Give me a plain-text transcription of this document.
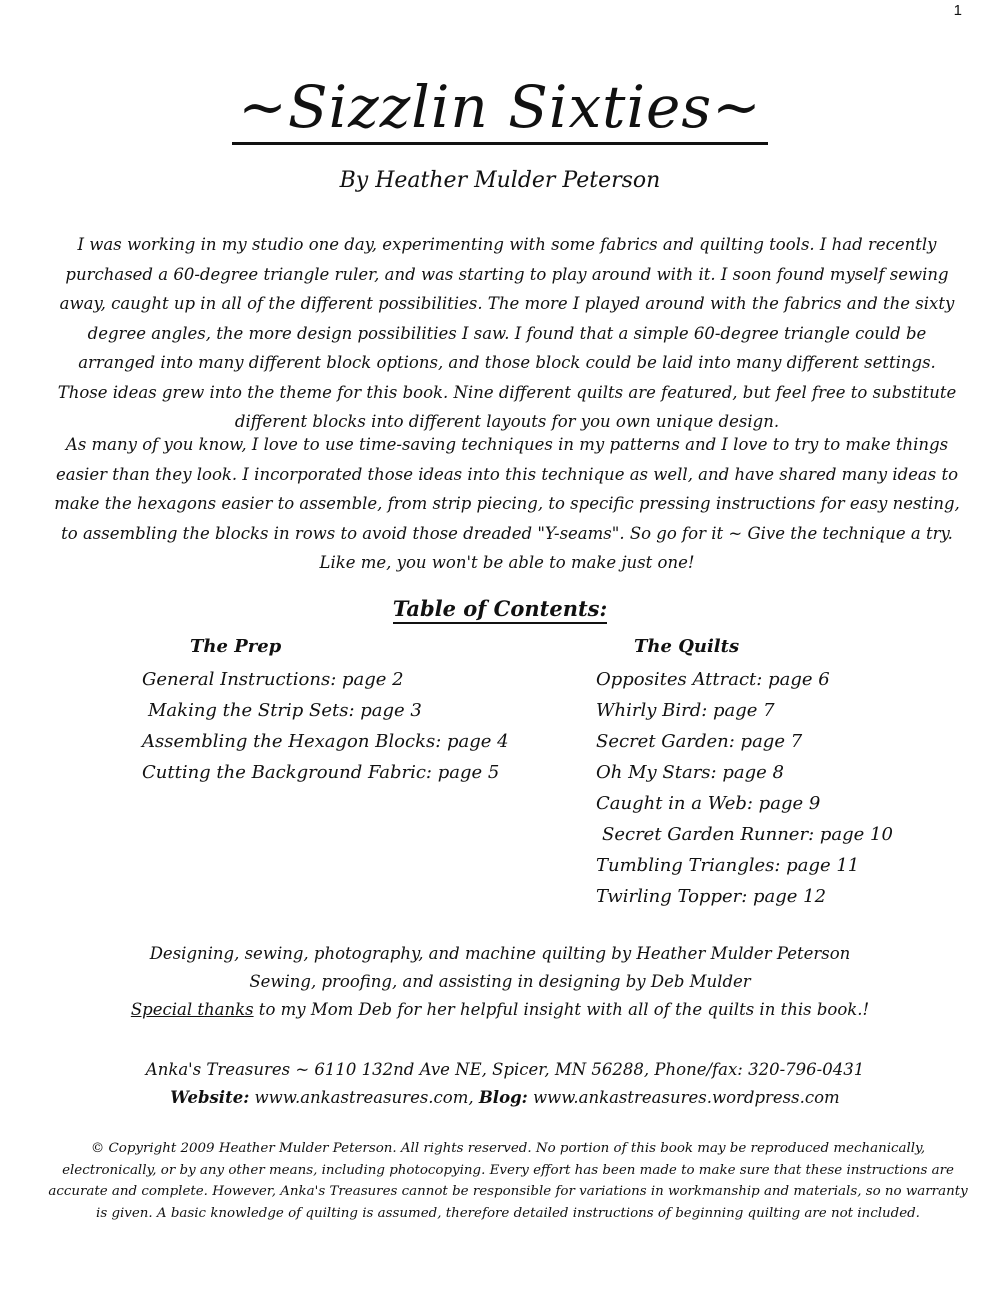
1
~Sizzlin Sixties~
By Heather Mulder Peterson

I was working in my studio one day, experimenting with some fabrics and quilting tools. I had recently purchased a 60-degree triangle ruler, and was starting to play around with it. I soon found myself sewing away, caught up in all of the different possibilities. The more I played around with the fabrics and the sixty degree angles, the more design possibilities I saw. I found that a simple 60-degree triangle could be arranged into many different block options, and those block could be laid into many different settings. Those ideas grew into the theme for this book. Nine different quilts are featured, but feel free to substitute different blocks into different layouts for you own unique design.

As many of you know, I love to use time-saving techniques in my patterns and I love to try to make things easier than they look. I incorporated those ideas into this technique as well, and have shared many ideas to make the hexagons easier to assemble, from strip piecing, to specific pressing instructions for easy nesting, to assembling the blocks in rows to avoid those dreaded "Y-seams". So go for it ~ Give the technique a try. Like me, you won't be able to make just one!

Table of Contents:
The Prep	The Quilts
General Instructions: page 2
Making the Strip Sets: page 3
Assembling the Hexagon Blocks: page 4
Cutting the Background Fabric: page 5
Opposites Attract: page 6
Whirly Bird: page 7
Secret Garden: page 7
Oh My Stars: page 8
Caught in a Web: page 9
Secret Garden Runner: page 10
Tumbling Triangles: page 11
Twirling Topper: page 12
Designing, sewing, photography, and machine quilting by Heather Mulder Peterson
Sewing, proofing, and assisting in designing by Deb Mulder
Special thanks to my Mom Deb for her helpful insight with all of the quilts in this book.!
Anka's Treasures ~ 6110 132nd Ave NE, Spicer, MN 56288, Phone/fax: 320-796-0431
Website: www.ankastreasures.com, Blog: www.ankastreasures.wordpress.com
© Copyright 2009 Heather Mulder Peterson. All rights reserved. No portion of this book may be reproduced mechanically, electronically, or by any other means, including photocopying. Every effort has been made to make sure that these instructions are accurate and complete. However, Anka's Treasures cannot be responsible for variations in workmanship and materials, so no warranty is given. A basic knowledge of quilting is assumed, therefore detailed instructions of beginning quilting are not included.
